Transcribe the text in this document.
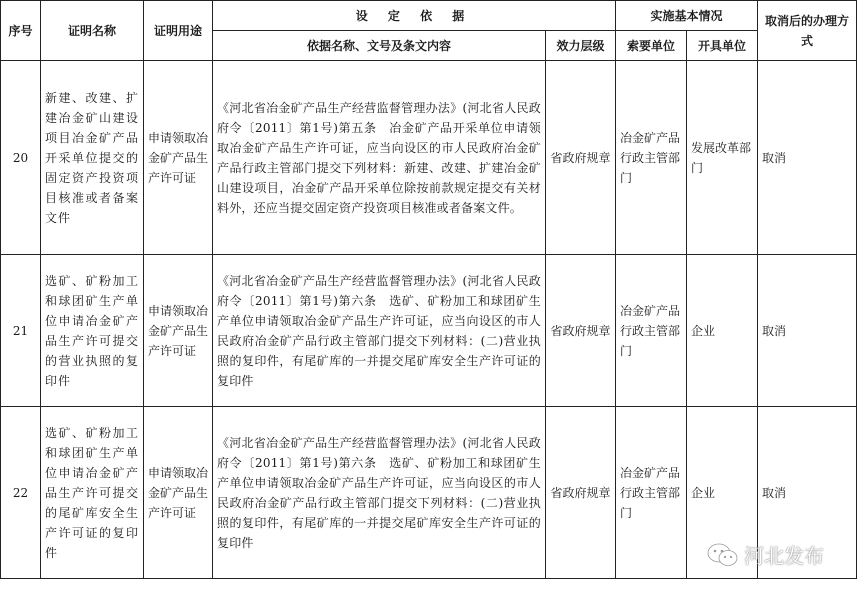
序号	证明名称	证明用途	设 定 依 据		实施基本情况		取消后的办理方式
			依据名称、文号及条文内容	效力层级	索要单位	开具单位	
20	新建、改建、扩建冶金矿山建设项目冶金矿产品开采单位提交的固定资产投资项目核准或者备案文件	申请领取冶金矿产品生产许可证	《河北省冶金矿产品生产经营监督管理办法》(河北省人民政府令〔2011〕第1号)第五条　冶金矿产品开采单位申请领取冶金矿产品生产许可证，应当向设区的市人民政府冶金矿产品行政主管部门提交下列材料：新建、改建、扩建冶金矿山建设项目，冶金矿产品开采单位除按前款规定提交有关材料外，还应当提交固定资产投资项目核准或者备案文件。	省政府规章	冶金矿产品行政主管部门	发展改革部门	取消
21	选矿、矿粉加工和球团矿生产单位申请冶金矿产品生产许可提交的营业执照的复印件	申请领取冶金矿产品生产许可证	《河北省冶金矿产品生产经营监督管理办法》(河北省人民政府令〔2011〕第1号)第六条　选矿、矿粉加工和球团矿生产单位申请领取冶金矿产品生产许可证，应当向设区的市人民政府冶金矿产品行政主管部门提交下列材料：(二)营业执照的复印件，有尾矿库的一并提交尾矿库安全生产许可证的复印件	省政府规章	冶金矿产品行政主管部门	企业	取消
22	选矿、矿粉加工和球团矿生产单位申请冶金矿产品生产许可提交的尾矿库安全生产许可证的复印件	申请领取冶金矿产品生产许可证	《河北省冶金矿产品生产经营监督管理办法》(河北省人民政府令〔2011〕第1号)第六条　选矿、矿粉加工和球团矿生产单位申请领取冶金矿产品生产许可证，应当向设区的市人民政府冶金矿产品行政主管部门提交下列材料：(二)营业执照的复印件，有尾矿库的一并提交尾矿库安全生产许可证的复印件	省政府规章	冶金矿产品行政主管部门	企业	取消
河北发布
